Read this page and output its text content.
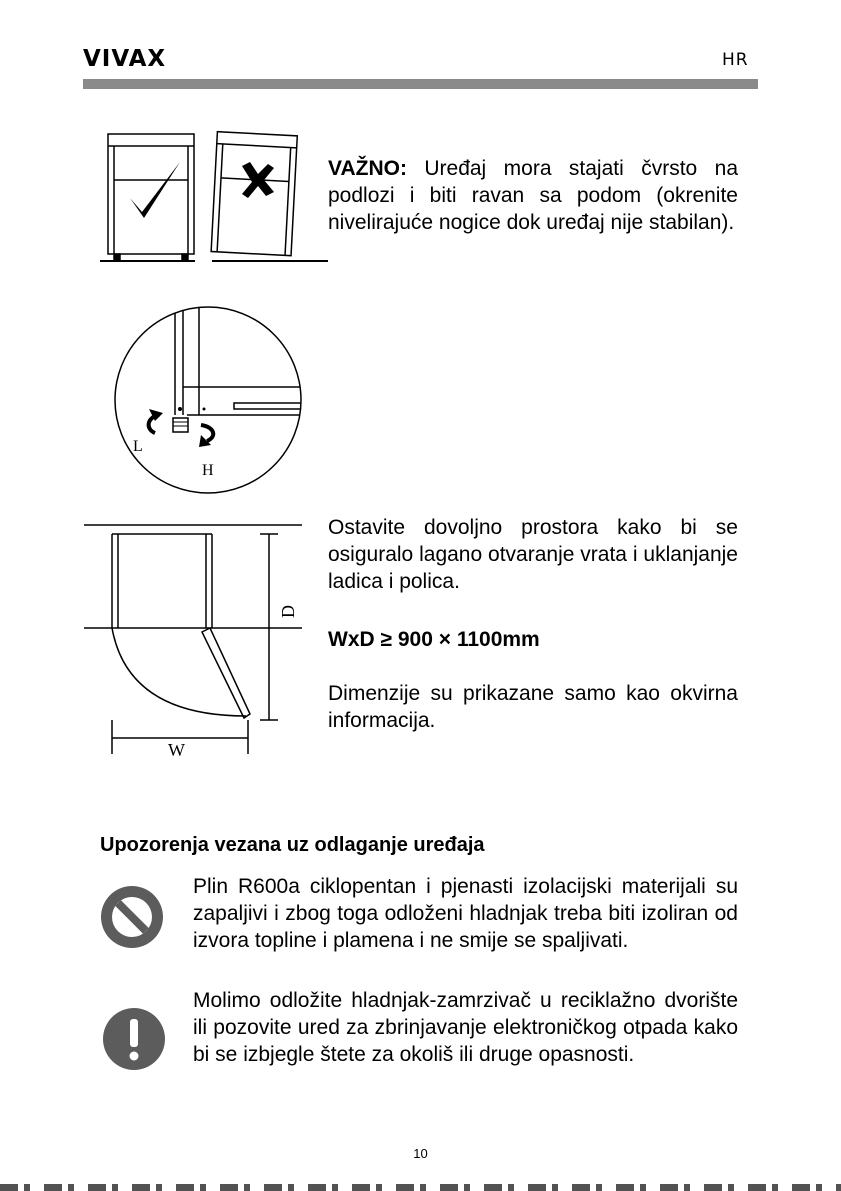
VIVAX	HR
VAŽNO: Uređaj mora stajati čvrsto na podlozi i biti ravan sa podom (okrenite nivelirajuće nogice dok uređaj nije stabilan).
L
H
D
W
Ostavite dovoljno prostora kako bi se osiguralo lagano otvaranje vrata i uklanjanje ladica i polica.
WxD ≥ 900 × 1100mm
Dimenzije su prikazane samo kao okvirna informacija.
Upozorenja vezana uz odlaganje uređaja
Plin R600a ciklopentan i pjenasti izolacijski materijali su zapaljivi i zbog toga odloženi hladnjak treba biti izoliran od izvora topline i plamena i ne smije se spaljivati.
Molimo odložite hladnjak-zamrzivač u reciklažno dvorište ili pozovite ured za zbrinjavanje elektroničkog otpada kako bi se izbjegle štete za okoliš ili druge opasnosti.
10
